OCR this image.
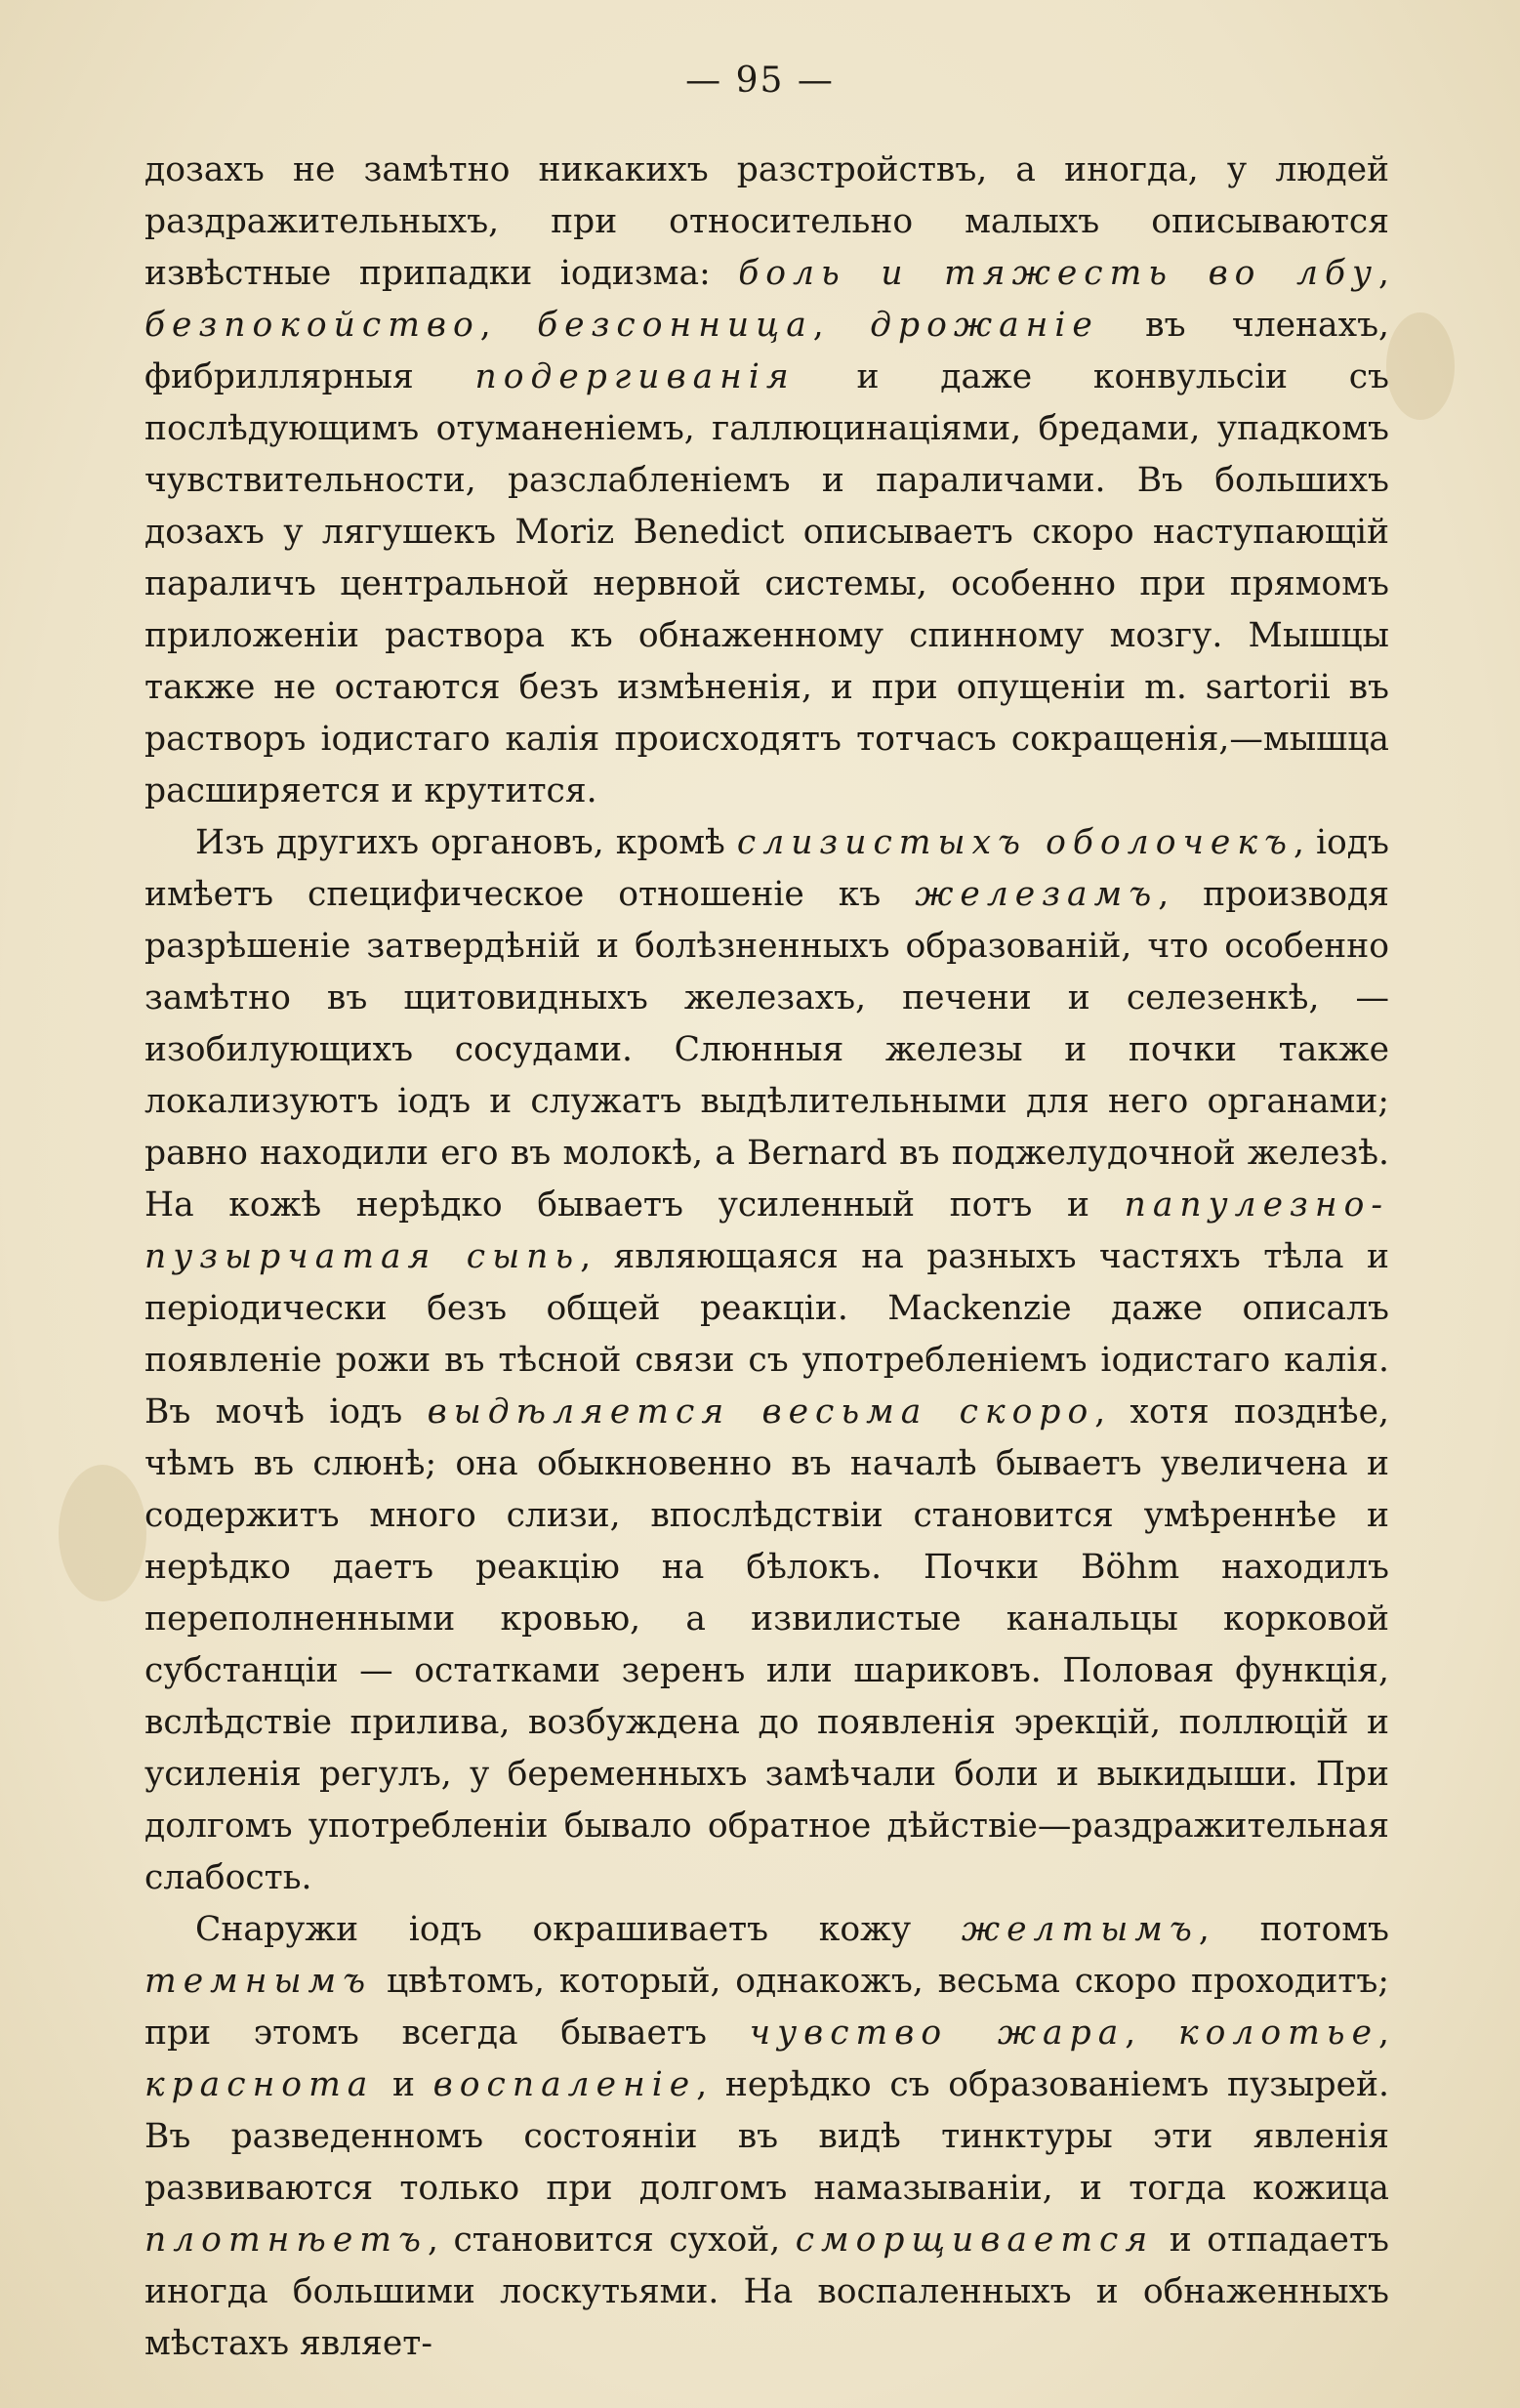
— 95 —

дозахъ не замѣтно никакихъ разстройствъ, а иногда, у людей раздражительныхъ, при относительно малыхъ описываются извѣстные припадки іодизма: боль и тяжесть во лбу, безпокойство, безсонница, дрожаніе въ членахъ, фибриллярныя подергиванія и даже конвульсіи съ послѣдующимъ отуманеніемъ, галлюцинаціями, бредами, упадкомъ чувствительности, разслабленіемъ и параличами. Въ большихъ дозахъ у лягушекъ Moriz Benedict описываетъ скоро наступающій параличъ центральной нервной системы, особенно при прямомъ приложеніи раствора къ обнаженному спинному мозгу. Мышцы также не остаются безъ измѣненія, и при опущеніи m. sartorii въ растворъ іодистаго калія происходятъ тотчасъ сокращенія,—мышца расширяется и крутится.

Изъ другихъ органовъ, кромѣ слизистыхъ оболочекъ, іодъ имѣетъ специфическое отношеніе къ железамъ, производя разрѣшеніе затвердѣній и болѣзненныхъ образованій, что особенно замѣтно въ щитовидныхъ железахъ, печени и селезенкѣ, — изобилующихъ сосудами. Слюнныя железы и почки также локализуютъ іодъ и служатъ выдѣлительными для него органами; равно находили его въ молокѣ, а Bernard въ поджелудочной железѣ. На кожѣ нерѣдко бываетъ усиленный потъ и папулезно-пузырчатая сыпь, являющаяся на разныхъ частяхъ тѣла и періодически безъ общей реакціи. Mackenzie даже описалъ появленіе рожи въ тѣсной связи съ употребленіемъ іодистаго калія. Въ мочѣ іодъ выдѣляется весьма скоро, хотя позднѣе, чѣмъ въ слюнѣ; она обыкновенно въ началѣ бываетъ увеличена и содержитъ много слизи, впослѣдствіи становится умѣреннѣе и нерѣдко даетъ реакцію на бѣлокъ. Почки Böhm находилъ переполненными кровью, а извилистые канальцы корковой субстанціи — остатками зеренъ или шариковъ. Половая функція, вслѣдствіе прилива, возбуждена до появленія эрекцій, поллюцій и усиленія регулъ, у беременныхъ замѣчали боли и выкидыши. При долгомъ употребленіи бывало обратное дѣйствіе—раздражительная слабость.

Снаружи іодъ окрашиваетъ кожу желтымъ, потомъ темнымъ цвѣтомъ, который, однакожъ, весьма скоро проходитъ; при этомъ всегда бываетъ чувство жара, колотье, краснота и воспаленіе, нерѣдко съ образованіемъ пузырей. Въ разведенномъ состояніи въ видѣ тинктуры эти явленія развиваются только при долгомъ намазываніи, и тогда кожица плотнѣетъ, становится сухой, сморщивается и отпадаетъ иногда большими лоскутьями. На воспаленныхъ и обнаженныхъ мѣстахъ являет-
